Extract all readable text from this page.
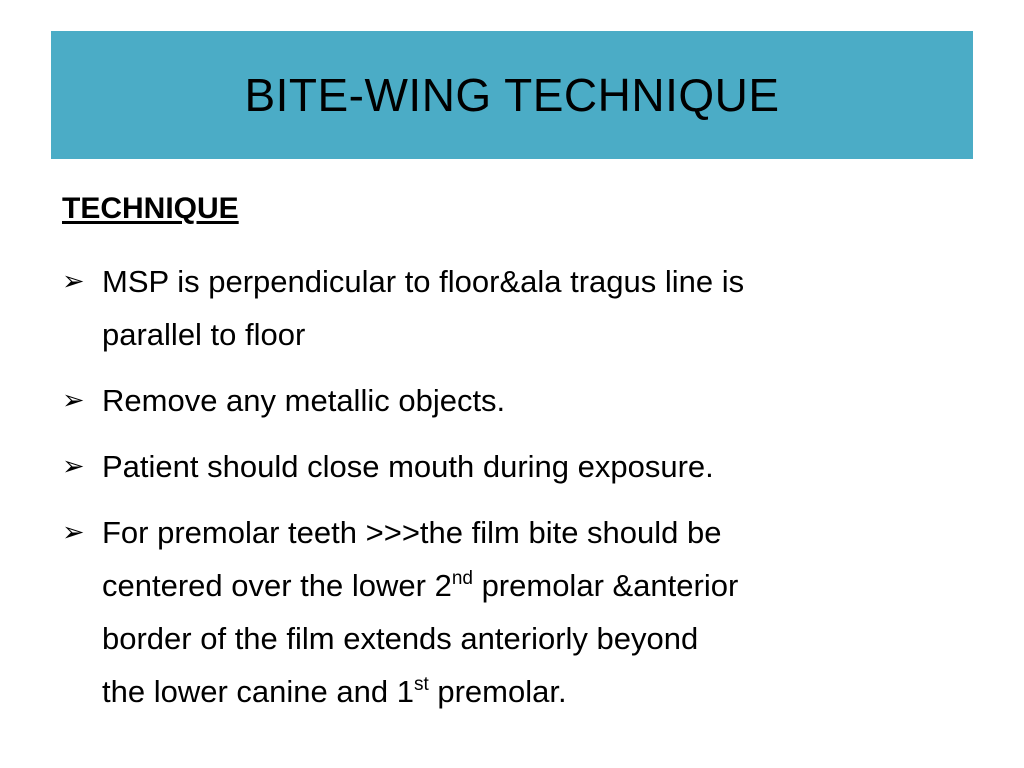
BITE-WING TECHNIQUE
TECHNIQUE
➢ MSP is perpendicular to floor&ala tragus line is
parallel to floor
➢ Remove any metallic objects.
➢ Patient should close mouth during exposure.
➢ For premolar teeth >>>the film bite should be
centered over the lower 2nd premolar &anterior
border of the film extends anteriorly beyond
the lower canine and 1st premolar.
